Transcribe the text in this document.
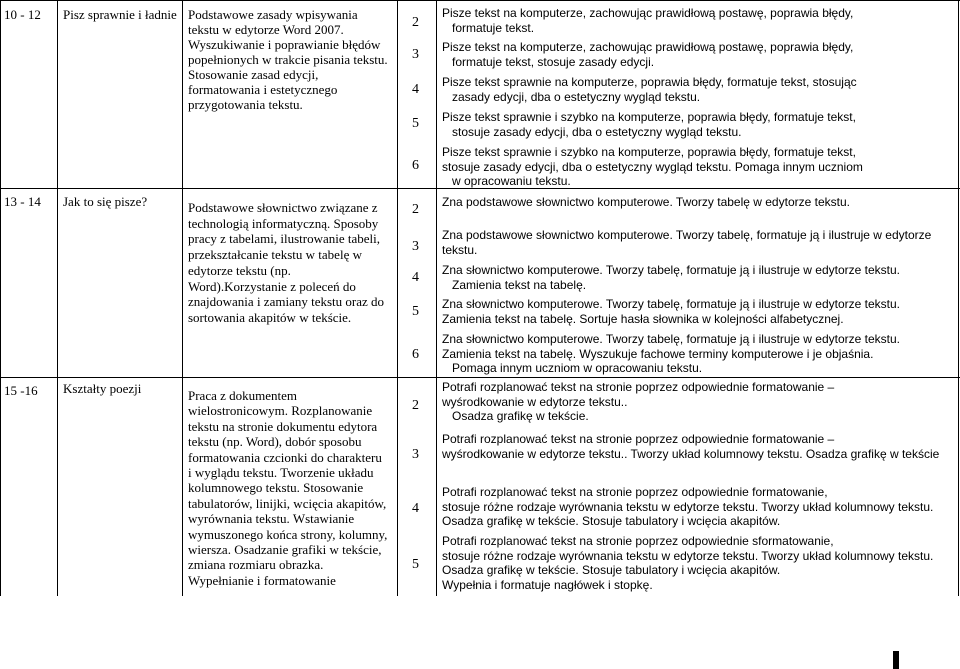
10 - 12 Pisz sprawnie i ładnie Podstawowe zasady wpisywania
tekstu w edytorze Word 2007.
Wyszukiwanie i poprawianie błędów
popełnionych w trakcie pisania tekstu.
Stosowanie zasad edycji,
formatowania i estetycznego
przygotowania tekstu.
2
3
4
5
6
Pisze tekst na komputerze, zachowując prawidłową postawę, poprawia błędy,
formatuje tekst.
Pisze tekst na komputerze, zachowując prawidłową postawę, poprawia błędy,
formatuje tekst, stosuje zasady edycji.
Pisze tekst sprawnie na komputerze, poprawia błędy, formatuje tekst, stosując
zasady edycji, dba o estetyczny wygląd tekstu.
Pisze tekst sprawnie i szybko na komputerze, poprawia błędy, formatuje tekst,
stosuje zasady edycji, dba o estetyczny wygląd tekstu.
Pisze tekst sprawnie i szybko na komputerze, poprawia błędy, formatuje tekst,
stosuje zasady edycji, dba o estetyczny wygląd tekstu. Pomaga innym uczniom
w opracowaniu tekstu.
13 - 14 Jak to się pisze?	Podstawowe słownictwo związane z
technologią informatyczną. Sposoby
pracy z tabelami, ilustrowanie tabeli,
przekształcanie tekstu w tabelę w
edytorze tekstu (np.
Word).Korzystanie z poleceń do
znajdowania i zamiany tekstu oraz do
sortowania akapitów w tekście.
2
3
4
5
6
Zna podstawowe słownictwo komputerowe. Tworzy tabelę w edytorze tekstu.
Zna podstawowe słownictwo komputerowe. Tworzy tabelę, formatuje ją i ilustruje w edytorze
tekstu.
Zna słownictwo komputerowe. Tworzy tabelę, formatuje ją i ilustruje w edytorze tekstu.
Zamienia tekst na tabelę.
Zna słownictwo komputerowe. Tworzy tabelę, formatuje ją i ilustruje w edytorze tekstu.
Zamienia tekst na tabelę. Sortuje hasła słownika w kolejności alfabetycznej.
Zna słownictwo komputerowe. Tworzy tabelę, formatuje ją i ilustruje w edytorze tekstu.
Zamienia tekst na tabelę. Wyszukuje fachowe terminy komputerowe i je objaśnia.
Pomaga innym uczniom w opracowaniu tekstu.
15 -16 Kształty poezji	Praca z dokumentem
wielostronicowym. Rozplanowanie
tekstu na stronie dokumentu edytora
tekstu (np. Word), dobór sposobu
formatowania czcionki do charakteru
i wyglądu tekstu. Tworzenie układu
kolumnowego tekstu. Stosowanie
tabulatorów, linijki, wcięcia akapitów,
wyrównania tekstu. Wstawianie
wymuszonego końca strony, kolumny,
wiersza. Osadzanie grafiki w tekście,
zmiana rozmiaru obrazka.
Wypełnianie i formatowanie
2
3
4
5
Potrafi rozplanować tekst na stronie poprzez odpowiednie formatowanie –
wyśrodkowanie w edytorze tekstu..
Osadza grafikę w tekście.
Potrafi rozplanować tekst na stronie poprzez odpowiednie formatowanie –
wyśrodkowanie w edytorze tekstu.. Tworzy układ kolumnowy tekstu. Osadza grafikę w tekście
Potrafi rozplanować tekst na stronie poprzez odpowiednie formatowanie,
stosuje różne rodzaje wyrównania tekstu w edytorze tekstu. Tworzy układ kolumnowy tekstu.
Osadza grafikę w tekście. Stosuje tabulatory i wcięcia akapitów.
Potrafi rozplanować tekst na stronie poprzez odpowiednie sformatowanie,
stosuje różne rodzaje wyrównania tekstu w edytorze tekstu. Tworzy układ kolumnowy tekstu.
Osadza grafikę w tekście. Stosuje tabulatory i wcięcia akapitów.
Wypełnia i formatuje nagłówek i stopkę.
